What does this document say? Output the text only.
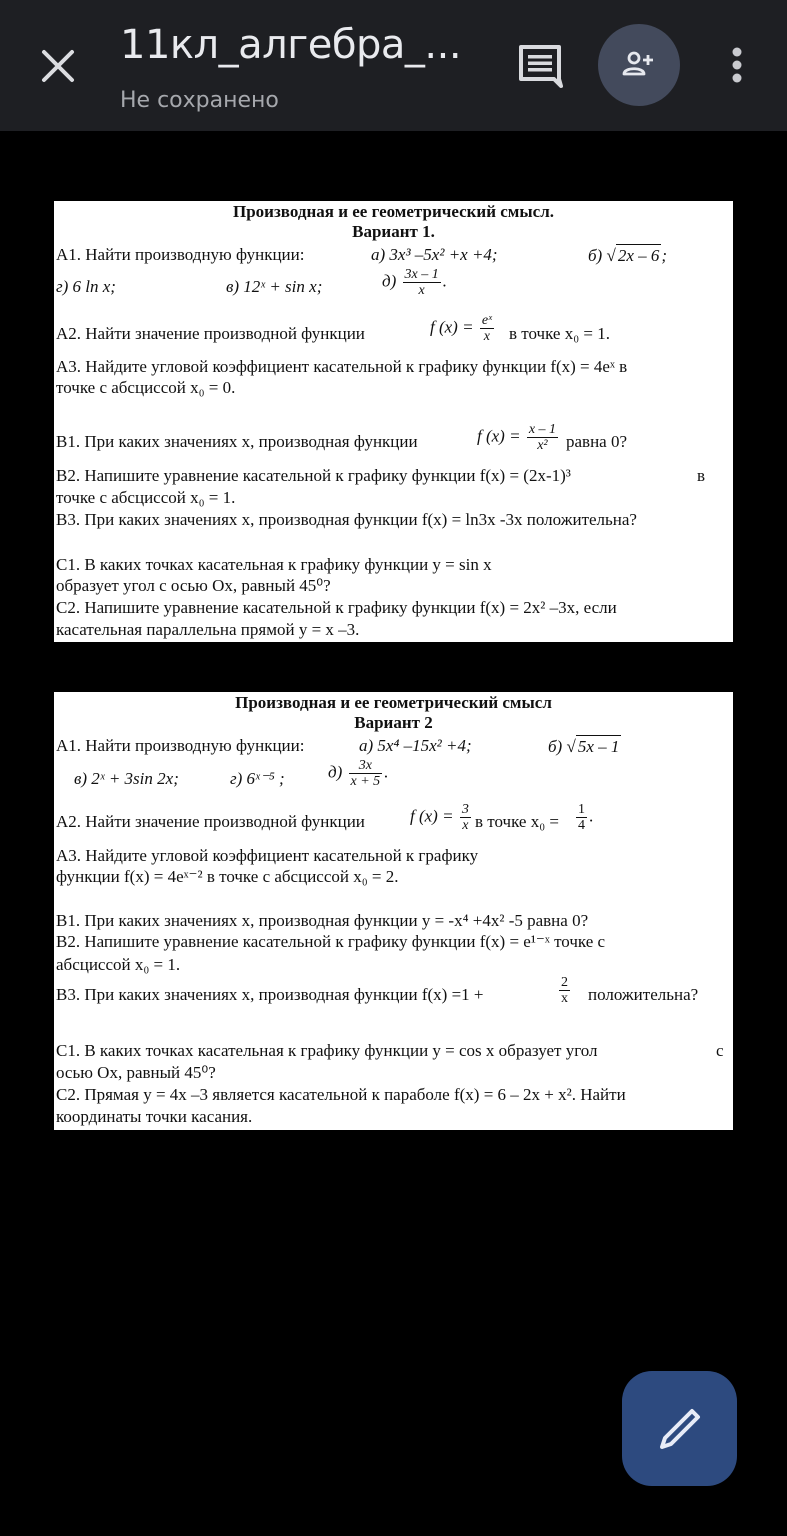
11кл_алгебра_...
Не сохранено
Производная и ее геометрический смысл.
Вариант 1.
А1. Найти производную функции:	а) 3x³ –5x² +x +4;	б) √ 2x – 6 ;
г) 6 ln x;	в) 12ˣ + sin x;	$д) \frac{3x - 1}{x}$ .
А2. Найти значение производной функции	f $(x) = \frac{\text{eˣ}}{x}$ в точке x₀ = 1.
А3. Найдите угловой коэффициент касательной к графику функции f(x) = 4eˣ в
точке с абсциссой x₀ = 0.
В1. При каких значениях x, производная функции	f $(x) = \frac{x - 1}{\text{x²}}$ равна 0?
В2. Напишите уравнение касательной к графику функции f(x) = (2x-1)³	в
точке с абсциссой x₀ = 1.
В3. При каких значениях x, производная функции f(x) = ln3x -3x положительна?
С1. В каких точках касательная к графику функции y = sin x
образует угол с осью Ox, равный 45⁰?
С2. Напишите уравнение касательной к графику функции f(x) = 2x² –3x, если
касательная параллельна прямой y = x –3.
Производная и ее геометрический смысл
Вариант 2
А1. Найти производную функции:	а) 5x⁴ –15x² +4;	б) √ 5x – 1
в) 2ˣ + 3sin 2x;	г) 6ˣ⁻⁵ ;	$д) \frac{3x}{x + 5}$ .
А2. Найти значение производной функции	f $(x) = \frac{3}{x}$ в точке $x_0 = \frac{1}{4}$ .
А3. Найдите угловой коэффициент касательной к графику
функции f(x) = 4eˣ⁻² в точке с абсциссой x₀ = 2.
В1. При каких значениях x, производная функции y = -x⁴ +4x² -5 равна 0?
В2. Напишите уравнение касательной к графику функции f(x) = e¹⁻ˣ точке с
абсциссой x₀ = 1.
В3. При каких значениях x, производная функции f(x) =1 +	$\frac{2}{x}$ положительна?
С1. В каких точках касательная к графику функции y = cos x образует угол	с
осью Ox, равный 45⁰?
С2. Прямая y = 4x –3 является касательной к параболе f(x) = 6 – 2x + x². Найти
координаты точки касания.
